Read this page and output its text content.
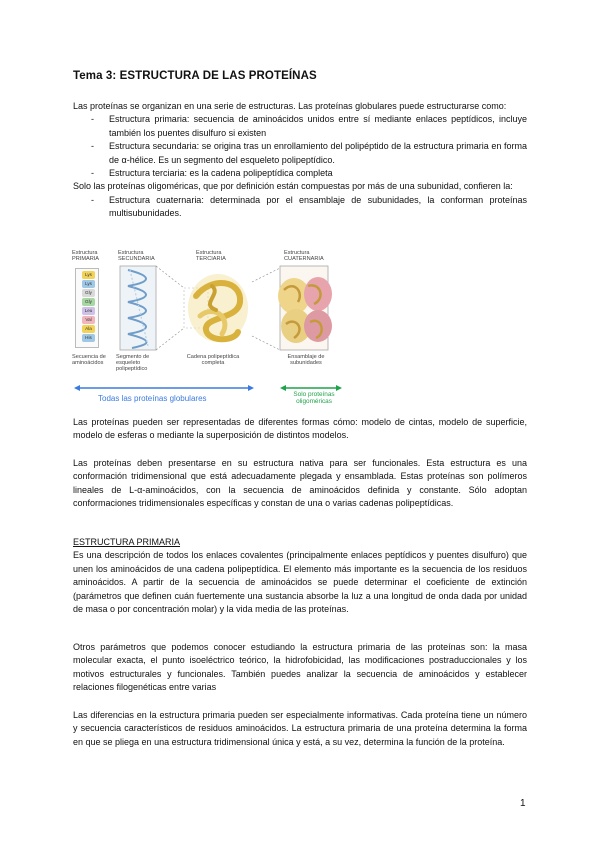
Tema 3: ESTRUCTURA DE LAS PROTEÍNAS

Las proteínas se organizan en una serie de estructuras. Las proteínas globulares puede estructurarse como:

- Estructura primaria: secuencia de aminoácidos unidos entre sí mediante enlaces peptídicos, incluye también los puentes disulfuro si existen

- Estructura secundaria: se origina tras un enrollamiento del polipéptido de la estructura primaria en forma de α-hélice. Es un segmento del esqueleto polipeptídico.

- Estructura terciaria: es la cadena polipeptídica completa

Solo las proteínas oligoméricas, que por definición están compuestas por más de una subunidad, confieren la:

- Estructura cuaternaria: determinada por el ensamblaje de subunidades, la conforman proteínas multisubunidades.

Estructura PRIMARIA
Estructura SECUNDARIA
Estructura TERCIARIA
Estructura CUATERNARIA
Lys
Lys
Gly
Gly
Leu
Val
Ala
His
Secuencia de aminoácidos
Segmento de esqueleto polipeptídico
Cadena polipeptídica completa
Ensamblaje de subunidades
Todas las proteínas globulares	Solo proteínas oligoméricas

Las proteínas pueden ser representadas de diferentes formas cómo: modelo de cintas, modelo de superficie, modelo de esferas o mediante la superposición de distintos modelos.

Las proteínas deben presentarse en su estructura nativa para ser funcionales. Esta estructura es una conformación tridimensional que está adecuadamente plegada y ensamblada. Estas proteínas son polímeros lineales de L-α-aminoácidos, con la secuencia de aminoácidos definida y constante. Sólo adoptan conformaciones tridimensionales específicas y constan de una o varias cadenas polipeptídicas.

ESTRUCTURA PRIMARIA

Es una descripción de todos los enlaces covalentes (principalmente enlaces peptídicos y puentes disulfuro) que unen los aminoácidos de una cadena polipeptídica. El elemento más importante es la secuencia de los residuos aminoácidos. A partir de la secuencia de aminoácidos se puede determinar el coeficiente de extinción (parámetros que definen cuán fuertemente una sustancia absorbe la luz a una longitud de onda dada por unidad de masa o por concentración molar) y la vida media de las proteínas.

Otros parámetros que podemos conocer estudiando la estructura primaria de las proteínas son: la masa molecular exacta, el punto isoeléctrico teórico, la hidrofobicidad, las modificaciones postraduccionales y los motivos estructurales y funcionales. También puedes analizar la secuencia de aminoácidos y establecer relaciones filogenéticas entre varias

Las diferencias en la estructura primaria pueden ser especialmente informativas. Cada proteína tiene un número y secuencia característicos de residuos aminoácidos. La estructura primaria de una proteína determina la forma en que se pliega en una estructura tridimensional única y está, a su vez, determina la función de la proteína.

1
